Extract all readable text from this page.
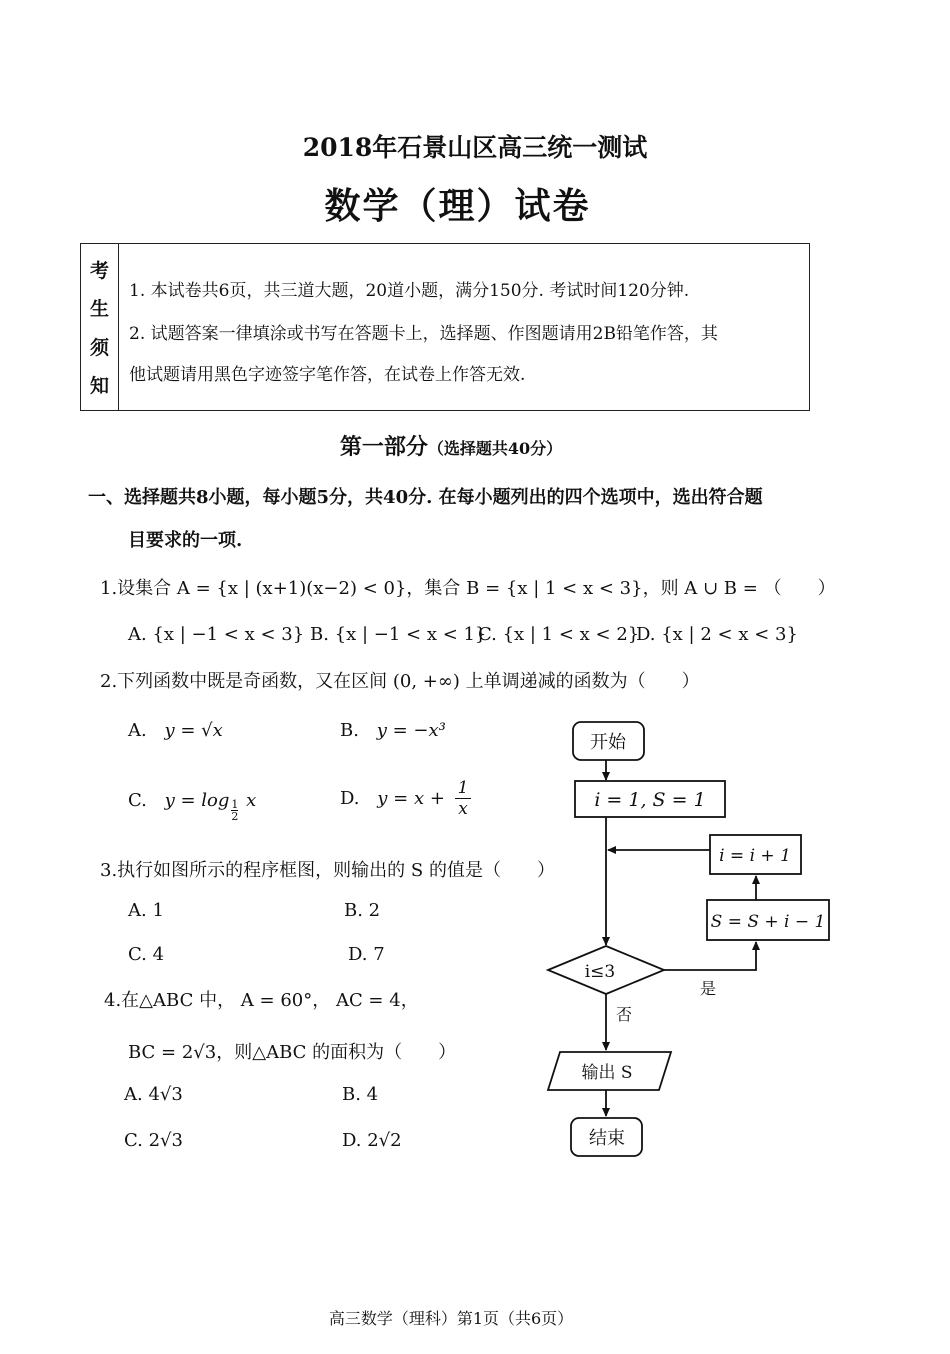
2018年石景山区高三统一测试
数学（理）试卷
考
生
须
知
1. 本试卷共6页，共三道大题，20道小题，满分150分. 考试时间120分钟.
2. 试题答案一律填涂或书写在答题卡上，选择题、作图题请用2B铅笔作答，其
他试题请用黑色字迹签字笔作答，在试卷上作答无效.
第一部分（选择题共40分）
一、选择题共8小题，每小题5分，共40分. 在每小题列出的四个选项中，选出符合题
目要求的一项.
1.设集合 A = {x | (x+1)(x−2) < 0}，集合 B = {x | 1 < x < 3}，则 A ∪ B = （　　）
A. {x | −1 < x < 3} B. {x | −1 < x < 1}
C. {x | 1 < x < 2}
D. {x | 2 < x < 3}
2.下列函数中既是奇函数，又在区间 (0, +∞) 上单调递减的函数为（　　）
A. y = √x	B. y = −x³
C. $y = \log \frac{1}{2}$ x	D. $y = x + \frac{1}{x}$
3.执行如图所示的程序框图，则输出的 S 的值是（　　）
A. 1	B. 2
C. 4	D. 7
4.在△ABC 中， A = 60°， AC = 4，
BC = 2√3，则△ABC 的面积为（　　）
A. 4√3	B. 4
C. 2√3	D. 2√2
开始
i = 1, S = 1
i = i + 1
S = S + i − 1
i≤3
是
否
输出 S
结束
高三数学（理科）第1页（共6页）
